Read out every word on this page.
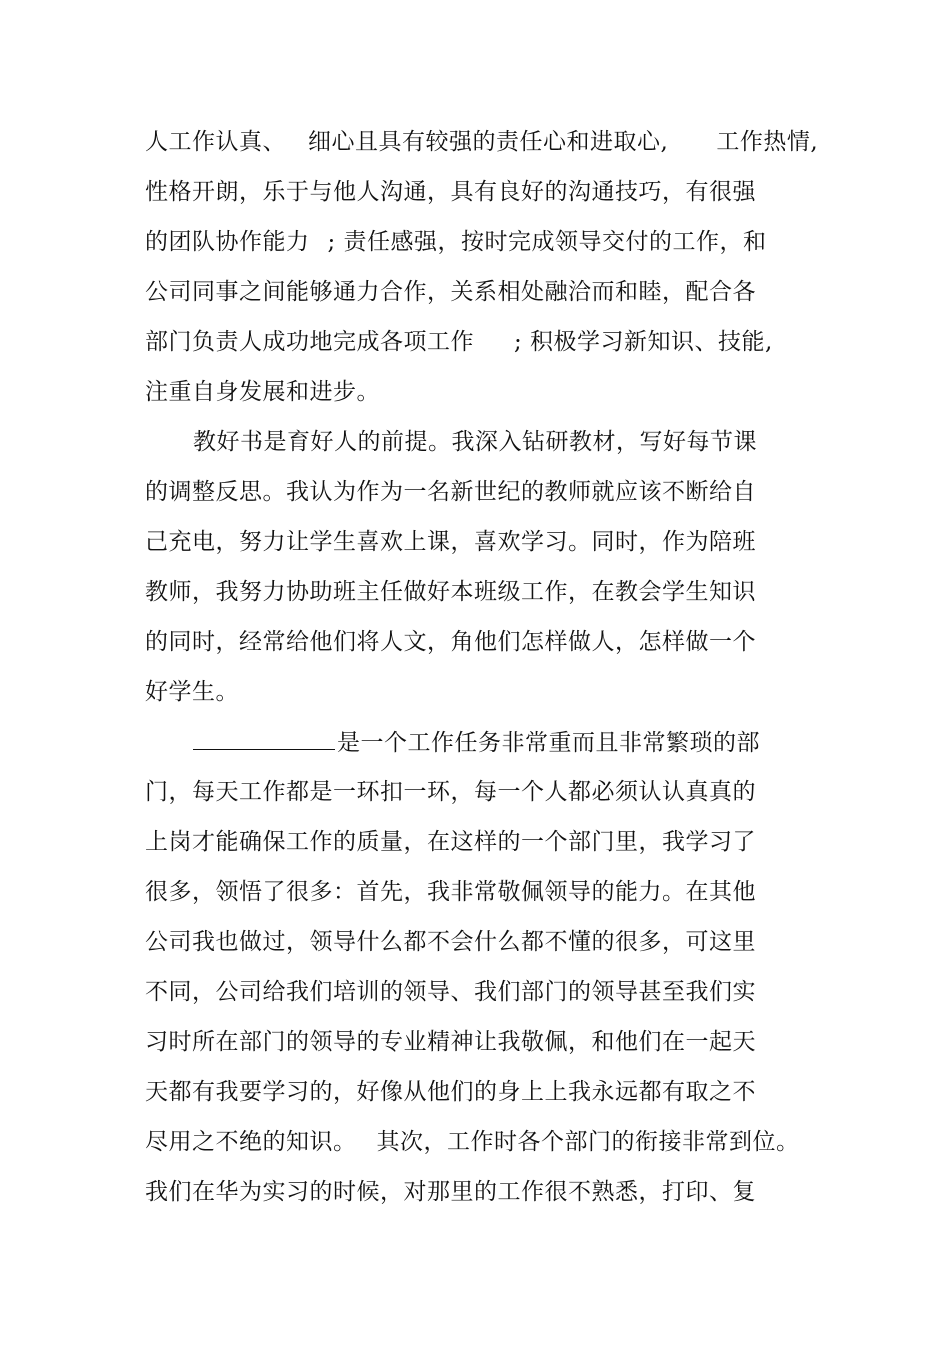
人工作认真、 细心且具有较强的责任心和进取心, 工作热情,
性格开朗，乐于与他人沟通，具有良好的沟通技巧，有很强
的团队协作能力 ; 责任感强，按时完成领导交付的工作，和
公司同事之间能够通力合作，关系相处融洽而和睦，配合各
部门负责人成功地完成各项工作 ; 积极学习新知识、技能,
注重自身发展和进步。
教好书是育好人的前提。我深入钻研教材，写好每节课
的调整反思。我认为作为一名新世纪的教师就应该不断给自
己充电，努力让学生喜欢上课，喜欢学习。同时，作为陪班
教师，我努力协助班主任做好本班级工作，在教会学生知识
的同时，经常给他们将人文，角他们怎样做人，怎样做一个
好学生。
是一个工作任务非常重而且非常繁琐的部
门，每天工作都是一环扣一环，每一个人都必须认认真真的
上岗才能确保工作的质量，在这样的一个部门里，我学习了
很多，领悟了很多：首先，我非常敬佩领导的能力。在其他
公司我也做过，领导什么都不会什么都不懂的很多，可这里
不同，公司给我们培训的领导、我们部门的领导甚至我们实
习时所在部门的领导的专业精神让我敬佩，和他们在一起天
天都有我要学习的，好像从他们的身上上我永远都有取之不
尽用之不绝的知识。 其次，工作时各个部门的衔接非常到位。
我们在华为实习的时候，对那里的工作很不熟悉，打印、复
